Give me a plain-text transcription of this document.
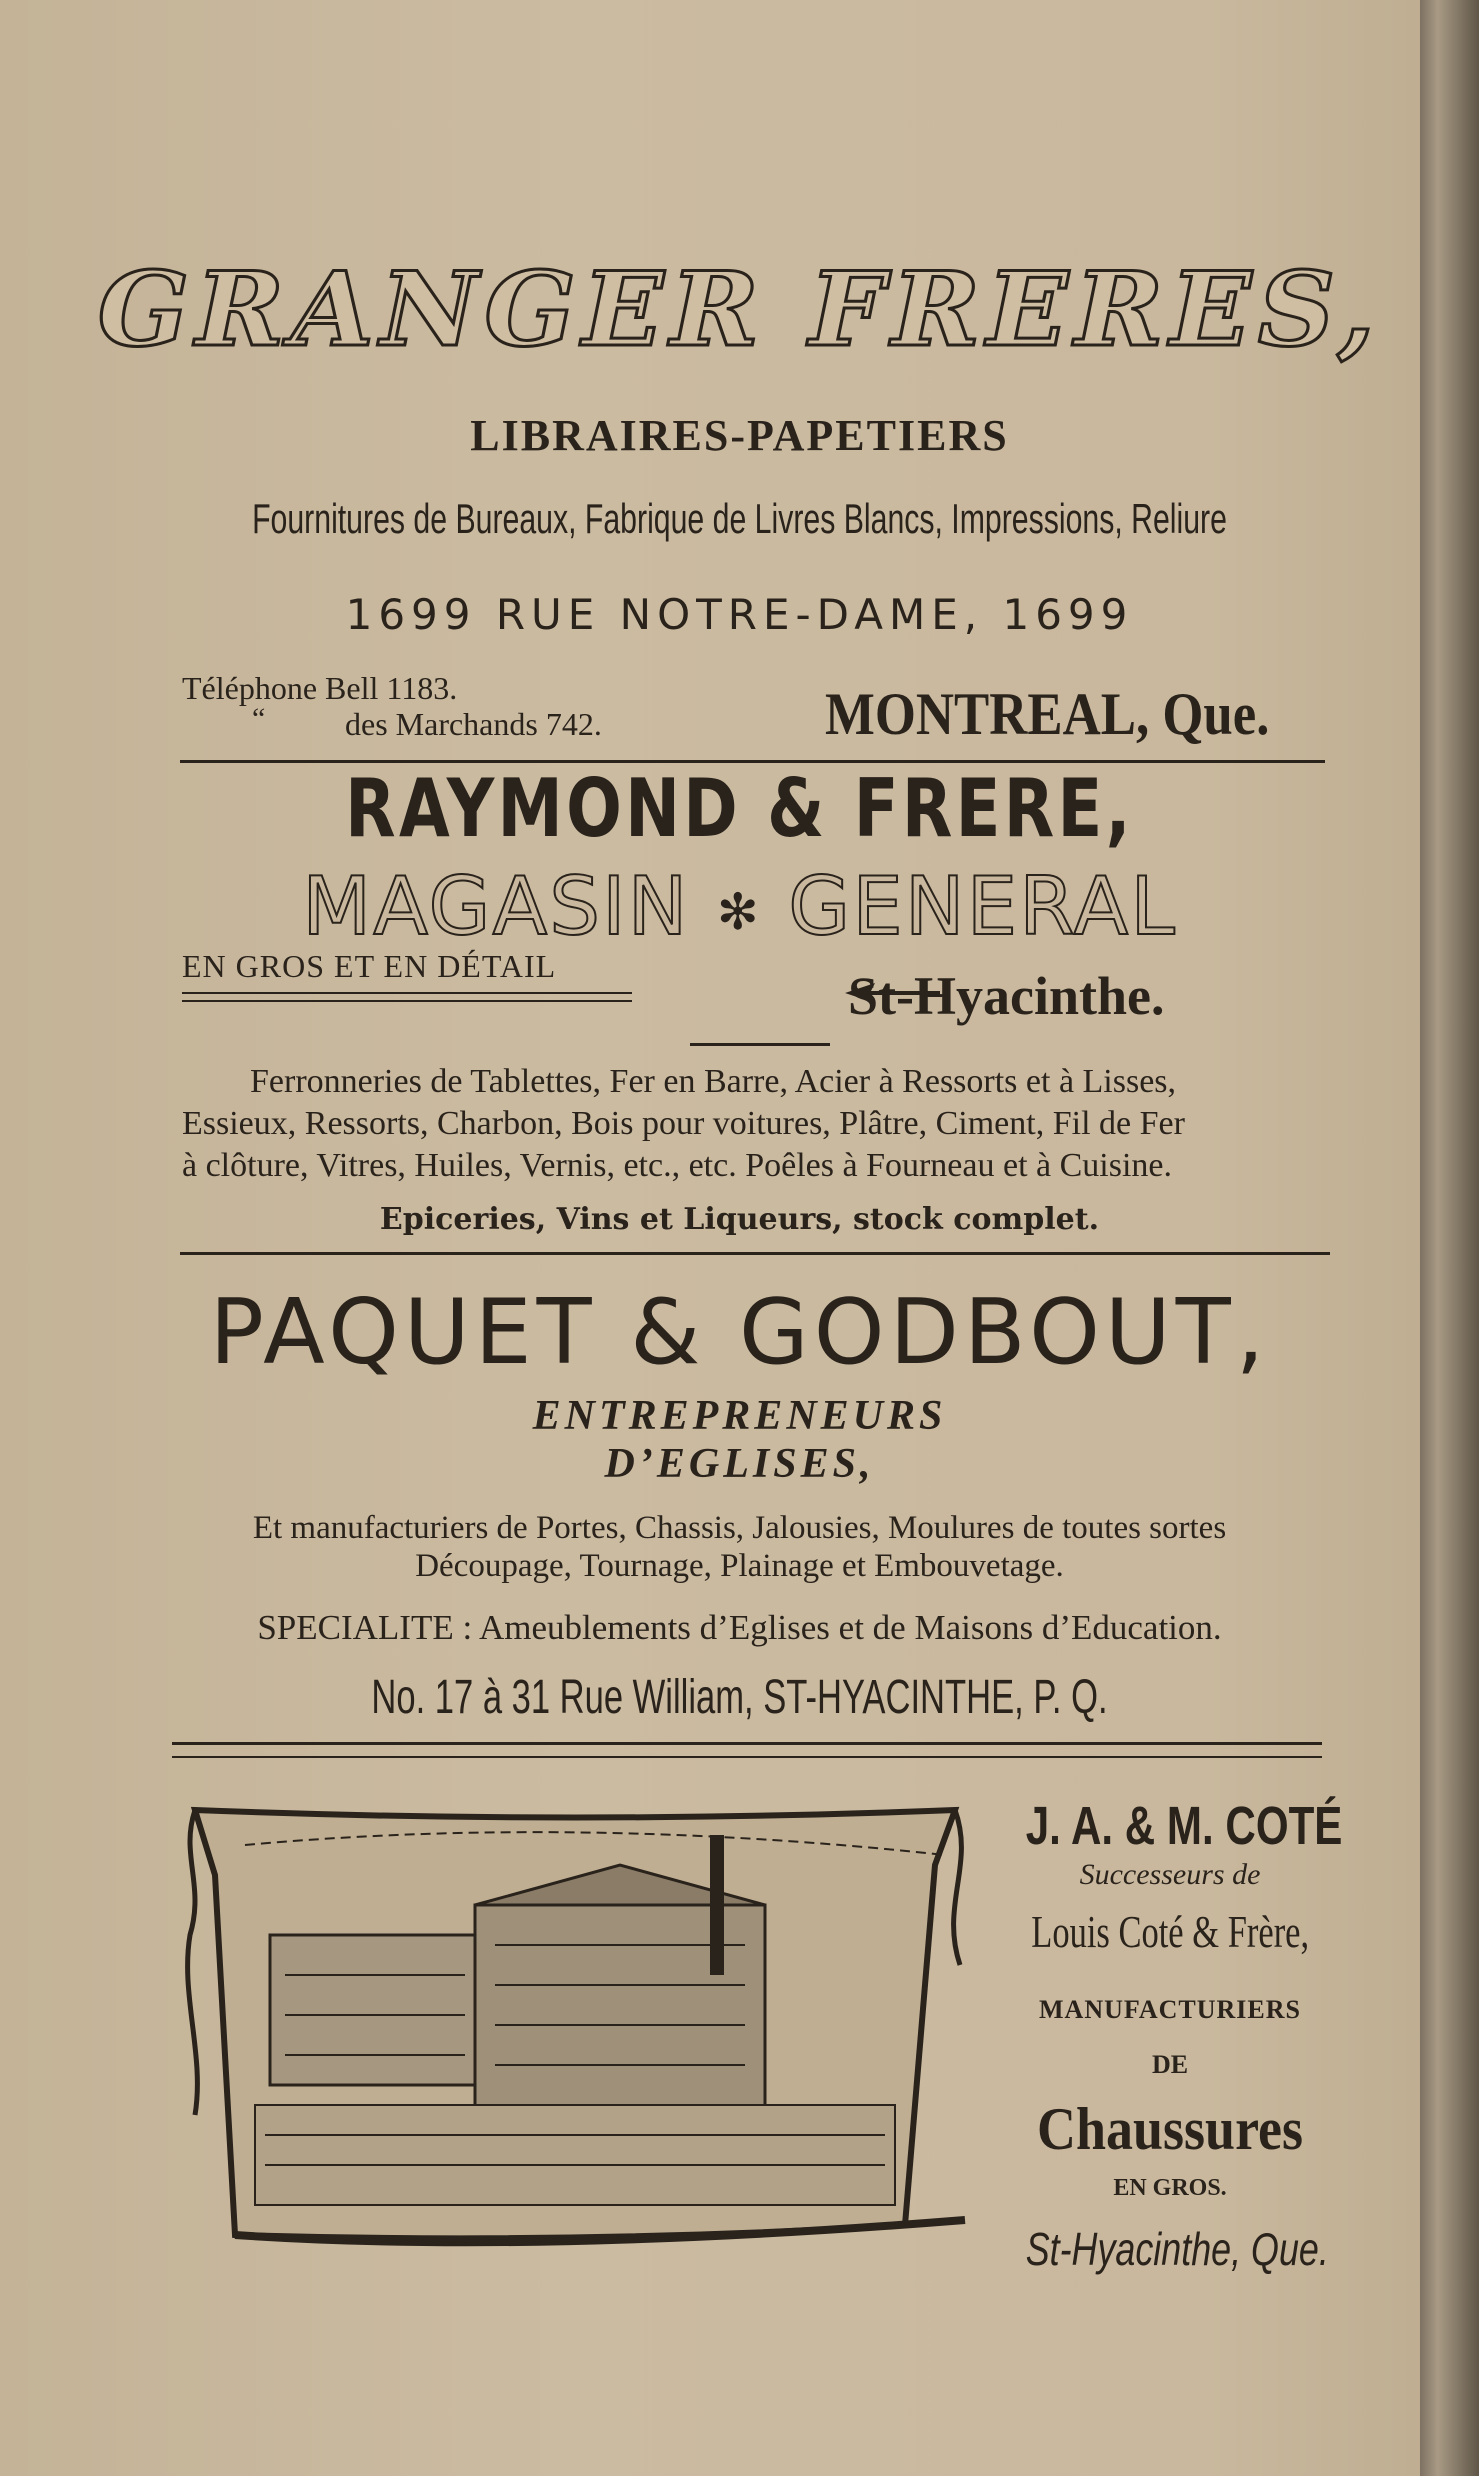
GRANGER FRERES,
LIBRAIRES-PAPETIERS
Fournitures de Bureaux, Fabrique de Livres Blancs, Impressions, Reliure
1699 RUE NOTRE-DAME, 1699
Téléphone Bell 1183.
“ des Marchands 742.	MONTREAL, Que.
RAYMOND & FRERE,
MAGASIN ✻ GENERAL
EN GROS ET EN DÉTAIL	St-Hyacinthe.
Ferronneries de Tablettes, Fer en Barre, Acier à Ressorts et à Lisses,
Essieux, Ressorts, Charbon, Bois pour voitures, Plâtre, Ciment, Fil de Fer
à clôture, Vitres, Huiles, Vernis, etc., etc. Poêles à Fourneau et à Cuisine.
Epiceries, Vins et Liqueurs, stock complet.
PAQUET & GODBOUT,
ENTREPRENEURS
D’EGLISES,
Et manufacturiers de Portes, Chassis, Jalousies, Moulures de toutes sortes
Découpage, Tournage, Plainage et Embouvetage.
SPECIALITE : Ameublements d’Eglises et de Maisons d’Education.
No. 17 à 31 Rue William, ST-HYACINTHE, P. Q.
J. A. & M. COTÉ
Successeurs de
Louis Coté & Frère,
MANUFACTURIERS
DE
Chaussures
EN GROS.
St-Hyacinthe, Que.
